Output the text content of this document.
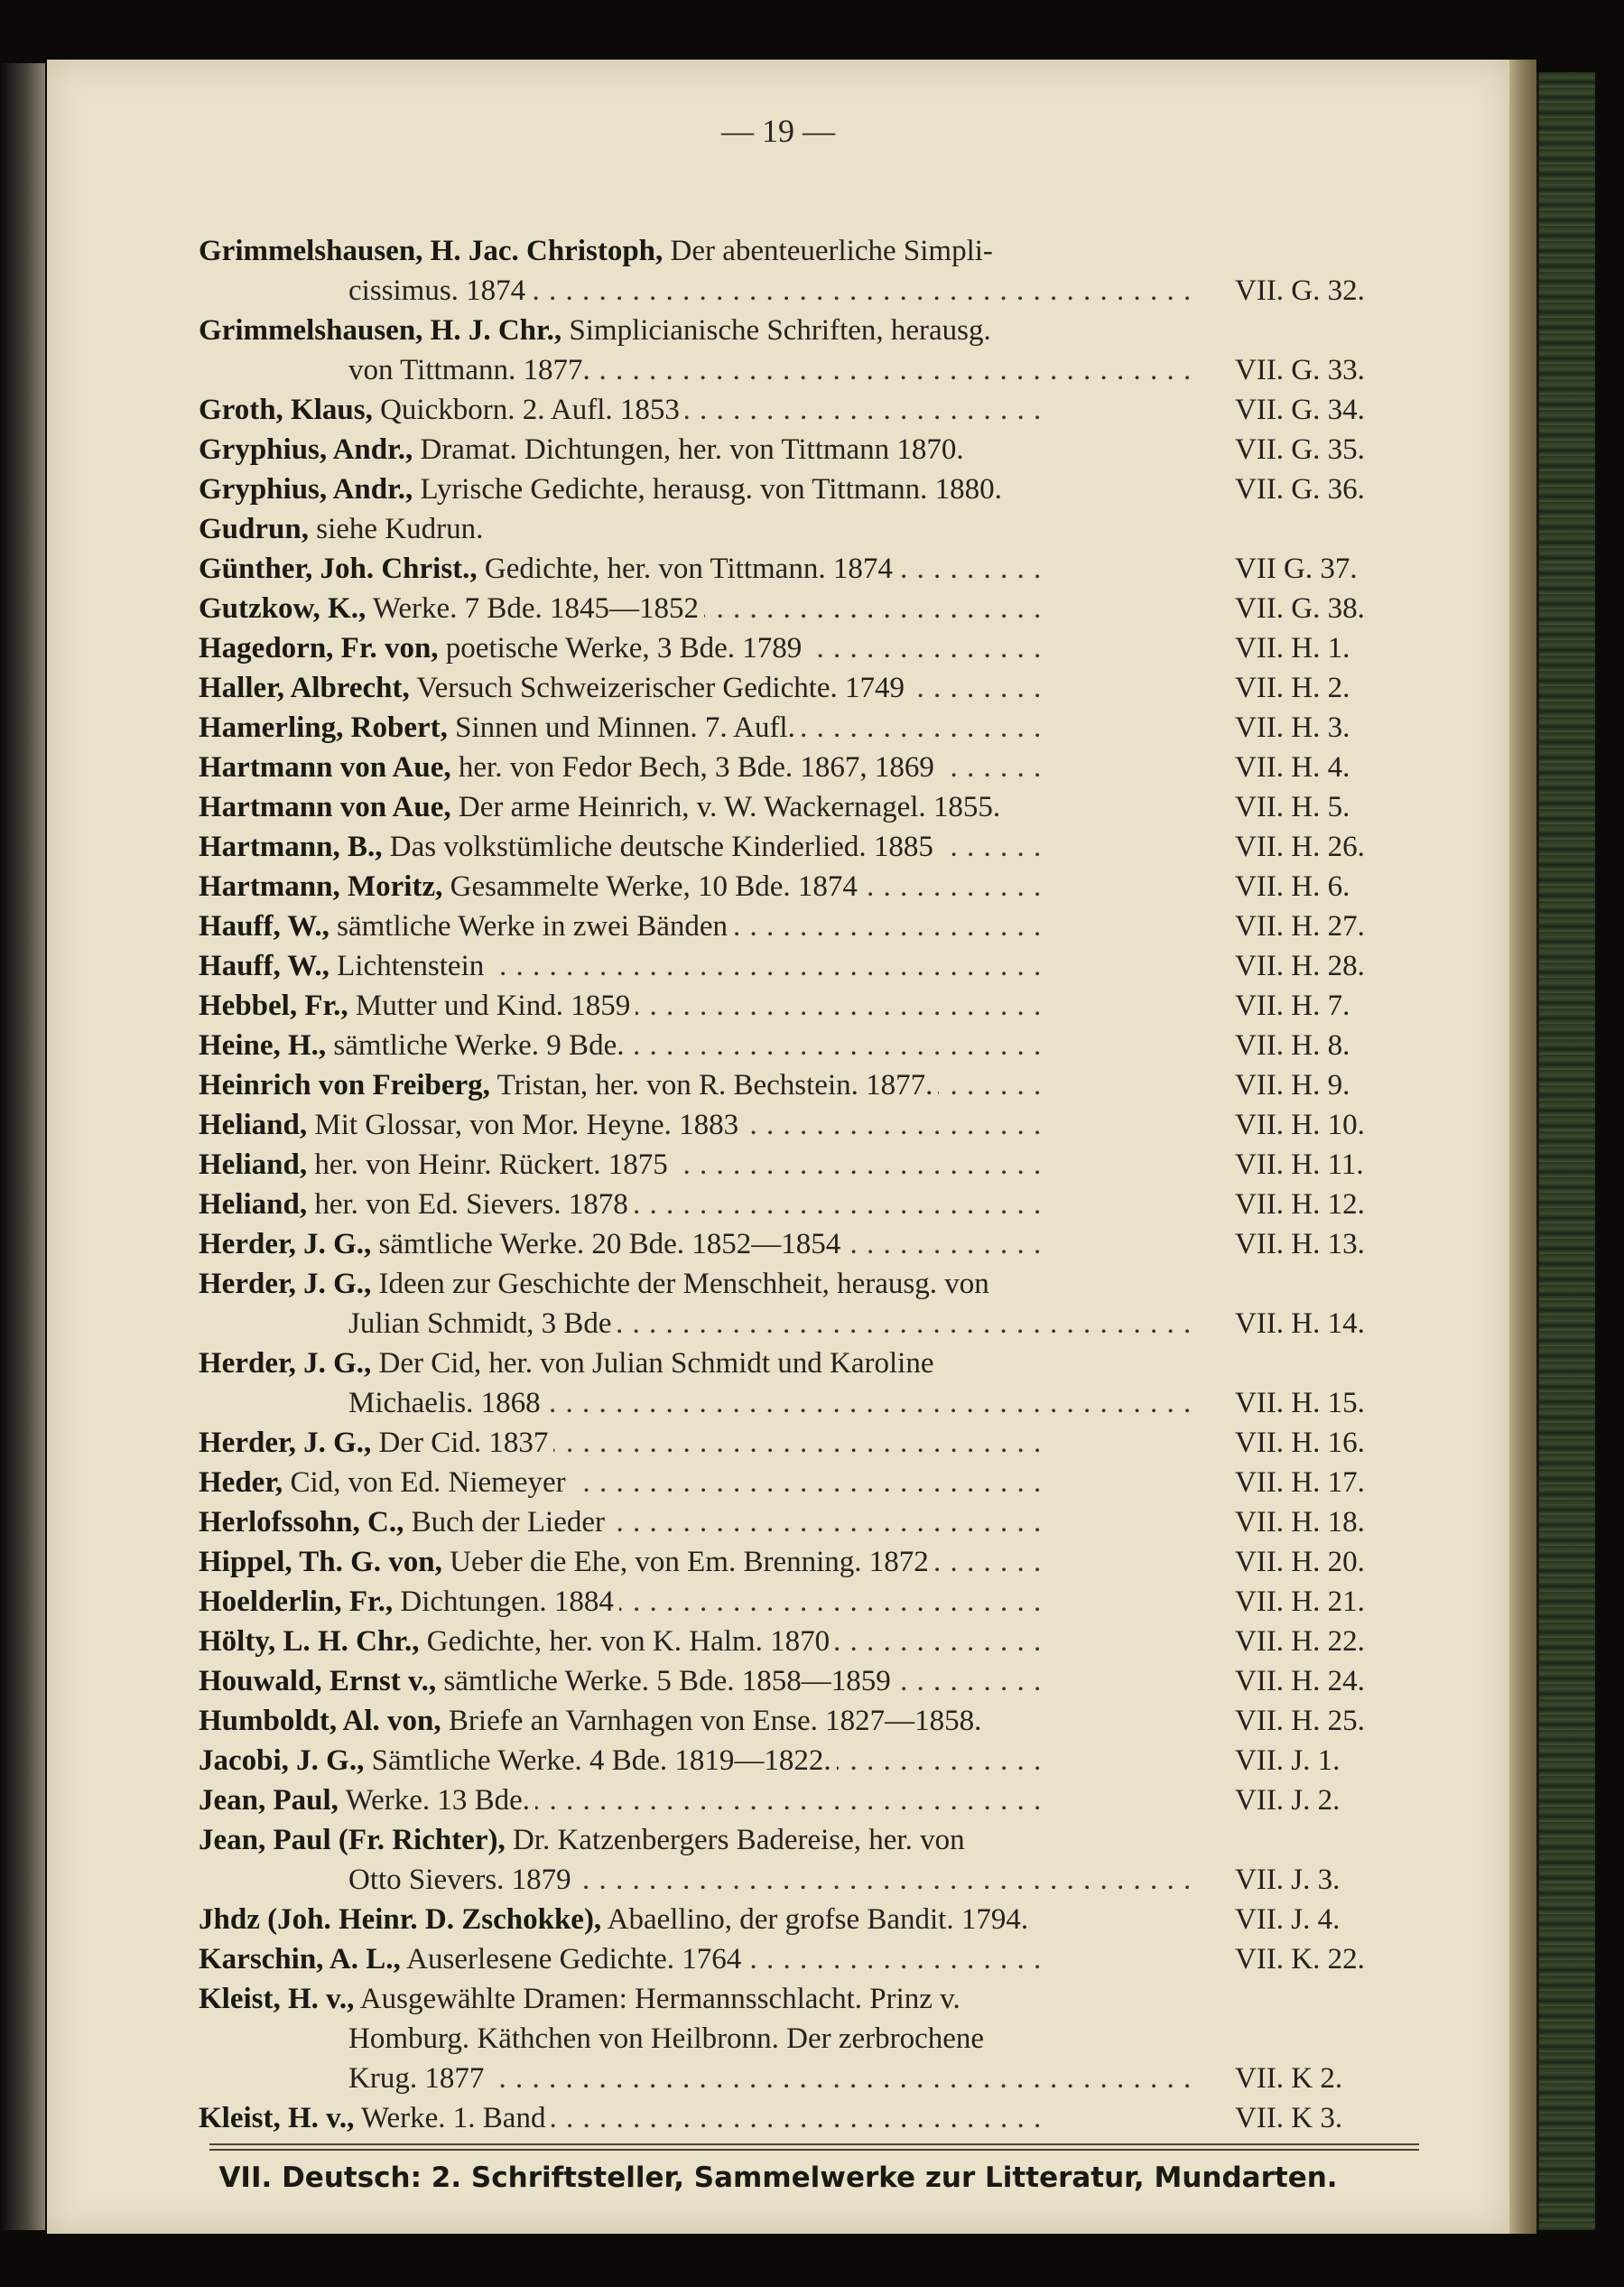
— 19 —
Grimmelshausen, H. Jac. Christoph, Der abenteuerliche Simpli-
cissimus. 1874 . . .	VII. G. 32.
Grimmelshausen, H. J. Chr., Simplicianische Schriften, herausg.
von Tittmann. 1877. . . .	VII. G. 33.
Groth, Klaus, Quickborn. 2. Aufl. 1853 . . .	VII. G. 34.
Gryphius, Andr., Dramat. Dichtungen, her. von Tittmann 1870.	VII. G. 35.
Gryphius, Andr., Lyrische Gedichte, herausg. von Tittmann. 1880.	VII. G. 36.
Gudrun, siehe Kudrun.
Günther, Joh. Christ., Gedichte, her. von Tittmann. 1874 . . .	VII G. 37.
Gutzkow, K., Werke. 7 Bde. 1845—1852 . . .	VII. G. 38.
Hagedorn, Fr. von, poetische Werke, 3 Bde. 1789 . . .	VII. H. 1.
Haller, Albrecht, Versuch Schweizerischer Gedichte. 1749 . . .	VII. H. 2.
Hamerling, Robert, Sinnen und Minnen. 7. Aufl. . . .	VII. H. 3.
Hartmann von Aue, her. von Fedor Bech, 3 Bde. 1867, 1869 . . .	VII. H. 4.
Hartmann von Aue, Der arme Heinrich, v. W. Wackernagel. 1855.	VII. H. 5.
Hartmann, B., Das volkstümliche deutsche Kinderlied. 1885 . . .	VII. H. 26.
Hartmann, Moritz, Gesammelte Werke, 10 Bde. 1874 . . .	VII. H. 6.
Hauff, W., sämtliche Werke in zwei Bänden . . .	VII. H. 27.
Hauff, W., Lichtenstein . . .	VII. H. 28.
Hebbel, Fr., Mutter und Kind. 1859 . . .	VII. H. 7.
Heine, H., sämtliche Werke. 9 Bde. . . .	VII. H. 8.
Heinrich von Freiberg, Tristan, her. von R. Bechstein. 1877. . . .	VII. H. 9.
Heliand, Mit Glossar, von Mor. Heyne. 1883 . . .	VII. H. 10.
Heliand, her. von Heinr. Rückert. 1875 . . .	VII. H. 11.
Heliand, her. von Ed. Sievers. 1878 . . .	VII. H. 12.
Herder, J. G., sämtliche Werke. 20 Bde. 1852—1854 . . .	VII. H. 13.
Herder, J. G., Ideen zur Geschichte der Menschheit, herausg. von
Julian Schmidt, 3 Bde . . .	VII. H. 14.
Herder, J. G., Der Cid, her. von Julian Schmidt und Karoline
Michaelis. 1868 . . .	VII. H. 15.
Herder, J. G., Der Cid. 1837 . . .	VII. H. 16.
Heder, Cid, von Ed. Niemeyer . . .	VII. H. 17.
Herlofssohn, C., Buch der Lieder . . .	VII. H. 18.
Hippel, Th. G. von, Ueber die Ehe, von Em. Brenning. 1872 . . .	VII. H. 20.
Hoelderlin, Fr., Dichtungen. 1884 . . .	VII. H. 21.
Hölty, L. H. Chr., Gedichte, her. von K. Halm. 1870 . . .	VII. H. 22.
Houwald, Ernst v., sämtliche Werke. 5 Bde. 1858—1859 . . .	VII. H. 24.
Humboldt, Al. von, Briefe an Varnhagen von Ense. 1827—1858.	VII. H. 25.
Jacobi, J. G., Sämtliche Werke. 4 Bde. 1819—1822. . . .	VII. J. 1.
Jean, Paul, Werke. 13 Bde. . . .	VII. J. 2.
Jean, Paul (Fr. Richter), Dr. Katzenbergers Badereise, her. von
Otto Sievers. 1879 . . .	VII. J. 3.
Jhdz (Joh. Heinr. D. Zschokke), Abaellino, der grofse Bandit. 1794.	VII. J. 4.
Karschin, A. L., Auserlesene Gedichte. 1764 . . .	VII. K. 22.
Kleist, H. v., Ausgewählte Dramen: Hermannsschlacht. Prinz v.
Homburg. Käthchen von Heilbronn. Der zerbrochene
Krug. 1877 . . .	VII. K 2.
Kleist, H. v., Werke. 1. Band . . .	VII. K 3.
VII. Deutsch: 2. Schriftsteller, Sammelwerke zur Litteratur, Mundarten.
